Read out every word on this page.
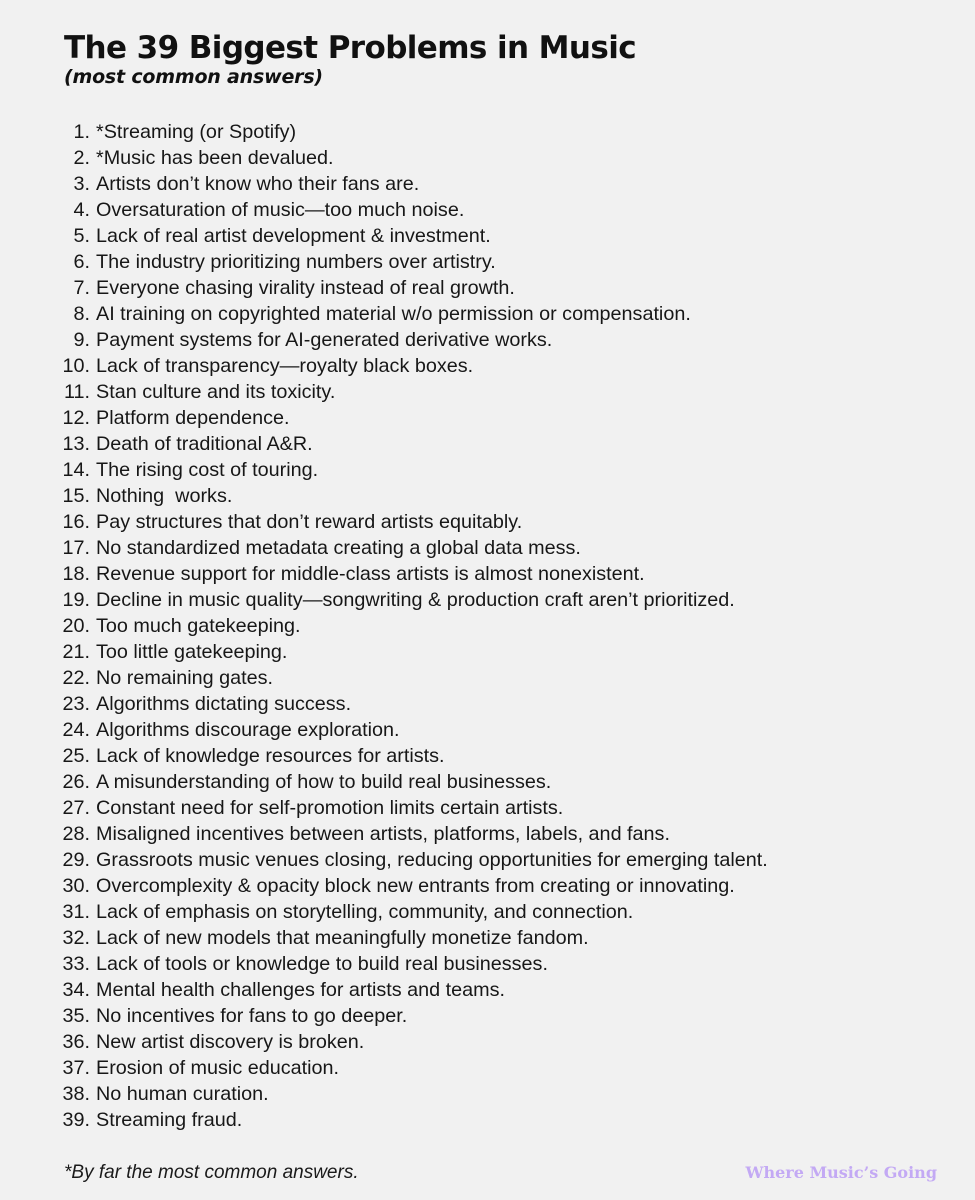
The 39 Biggest Problems in Music
(most common answers)
1. *Streaming (or Spotify)
2. *Music has been devalued.
3. Artists don’t know who their fans are.
4. Oversaturation of music—too much noise.
5. Lack of real artist development & investment.
6. The industry prioritizing numbers over artistry.
7. Everyone chasing virality instead of real growth.
8. AI training on copyrighted material w/o permission or compensation.
9. Payment systems for AI-generated derivative works.
10. Lack of transparency—royalty black boxes.
11. Stan culture and its toxicity.
12. Platform dependence.
13. Death of traditional A&R.
14. The rising cost of touring.
15. Nothing  works.
16. Pay structures that don’t reward artists equitably.
17. No standardized metadata creating a global data mess.
18. Revenue support for middle-class artists is almost nonexistent.
19. Decline in music quality—songwriting & production craft aren’t prioritized.
20. Too much gatekeeping.
21. Too little gatekeeping.
22. No remaining gates.
23. Algorithms dictating success.
24. Algorithms discourage exploration.
25. Lack of knowledge resources for artists.
26. A misunderstanding of how to build real businesses.
27. Constant need for self-promotion limits certain artists.
28. Misaligned incentives between artists, platforms, labels, and fans.
29. Grassroots music venues closing, reducing opportunities for emerging talent.
30. Overcomplexity & opacity block new entrants from creating or innovating.
31. Lack of emphasis on storytelling, community, and connection.
32. Lack of new models that meaningfully monetize fandom.
33. Lack of tools or knowledge to build real businesses.
34. Mental health challenges for artists and teams.
35. No incentives for fans to go deeper.
36. New artist discovery is broken.
37. Erosion of music education.
38. No human curation.
39. Streaming fraud.
*By far the most common answers.	Where Music’s Going
